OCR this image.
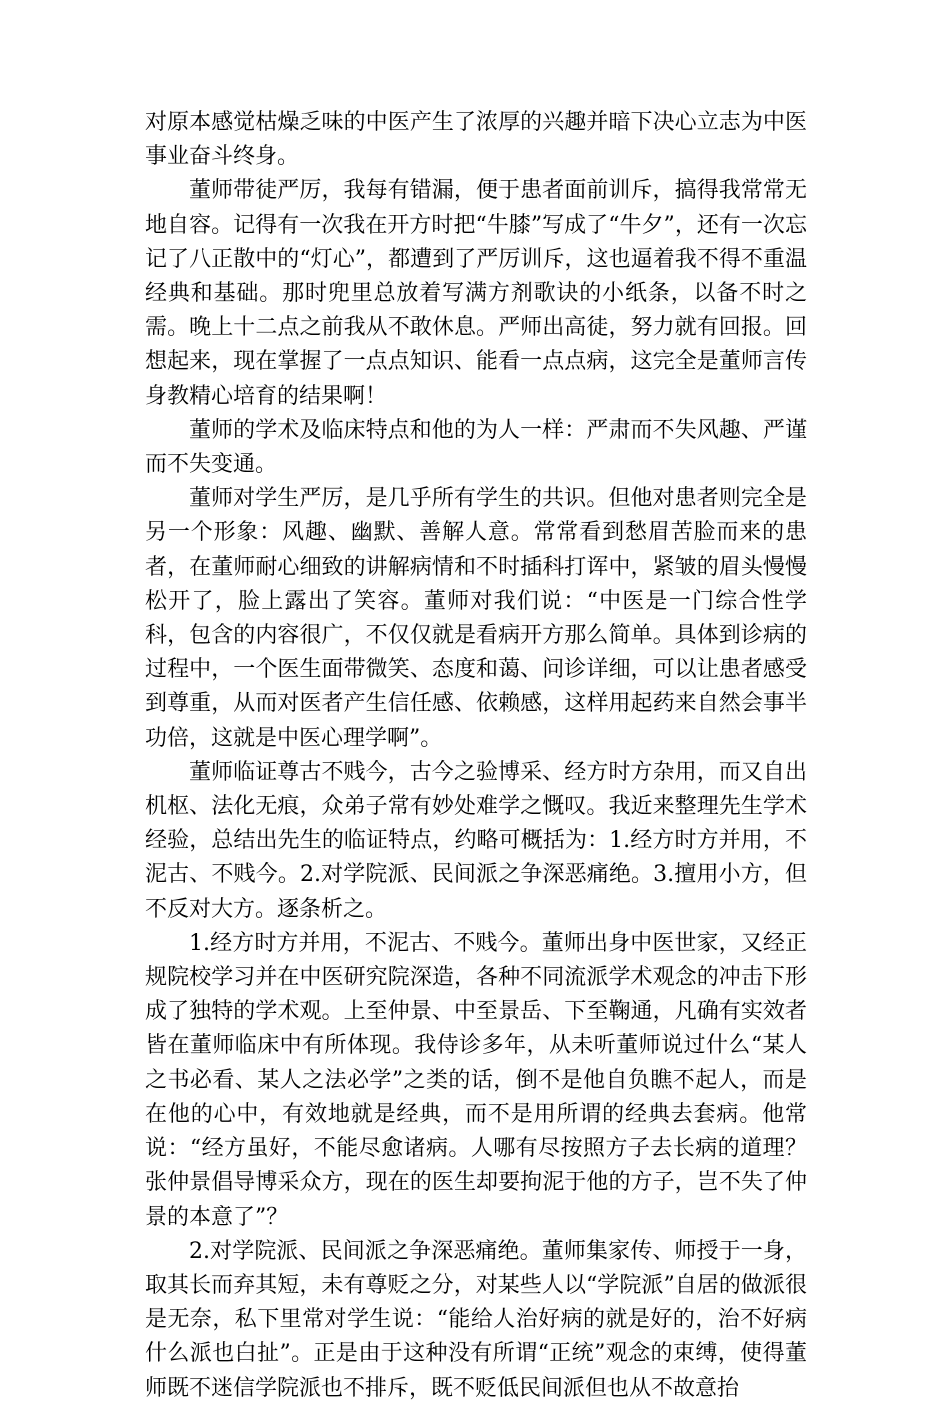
对原本感觉枯燥乏味的中医产生了浓厚的兴趣并暗下决心立志为中医事业奋斗终身。

董师带徒严厉，我每有错漏，便于患者面前训斥，搞得我常常无地自容。记得有一次我在开方时把“牛膝”写成了“牛夕”，还有一次忘记了八正散中的“灯心”，都遭到了严厉训斥，这也逼着我不得不重温经典和基础。那时兜里总放着写满方剂歌诀的小纸条，以备不时之需。晚上十二点之前我从不敢休息。严师出高徒，努力就有回报。回想起来，现在掌握了一点点知识、能看一点点病，这完全是董师言传身教精心培育的结果啊！

董师的学术及临床特点和他的为人一样：严肃而不失风趣、严谨而不失变通。

董师对学生严厉，是几乎所有学生的共识。但他对患者则完全是另一个形象：风趣、幽默、善解人意。常常看到愁眉苦脸而来的患者，在董师耐心细致的讲解病情和不时插科打诨中，紧皱的眉头慢慢松开了，脸上露出了笑容。董师对我们说：“中医是一门综合性学科，包含的内容很广，不仅仅就是看病开方那么简单。具体到诊病的过程中，一个医生面带微笑、态度和蔼、问诊详细，可以让患者感受到尊重，从而对医者产生信任感、依赖感，这样用起药来自然会事半功倍，这就是中医心理学啊”。

董师临证尊古不贱今，古今之验博采、经方时方杂用，而又自出机枢、法化无痕，众弟子常有妙处难学之慨叹。我近来整理先生学术经验，总结出先生的临证特点，约略可概括为：1.经方时方并用，不泥古、不贱今。2.对学院派、民间派之争深恶痛绝。3.擅用小方，但不反对大方。逐条析之。

1.经方时方并用，不泥古、不贱今。董师出身中医世家，又经正规院校学习并在中医研究院深造，各种不同流派学术观念的冲击下形成了独特的学术观。上至仲景、中至景岳、下至鞠通，凡确有实效者皆在董师临床中有所体现。我侍诊多年，从未听董师说过什么“某人之书必看、某人之法必学”之类的话，倒不是他自负瞧不起人，而是在他的心中，有效地就是经典，而不是用所谓的经典去套病。他常说：“经方虽好，不能尽愈诸病。人哪有尽按照方子去长病的道理？张仲景倡导博采众方，现在的医生却要拘泥于他的方子，岂不失了仲景的本意了”？

2.对学院派、民间派之争深恶痛绝。董师集家传、师授于一身，取其长而弃其短，未有尊贬之分，对某些人以“学院派”自居的做派很是无奈，私下里常对学生说：“能给人治好病的就是好的，治不好病什么派也白扯”。正是由于这种没有所谓“正统”观念的束缚，使得董师既不迷信学院派也不排斥，既不贬低民间派但也从不故意抬
